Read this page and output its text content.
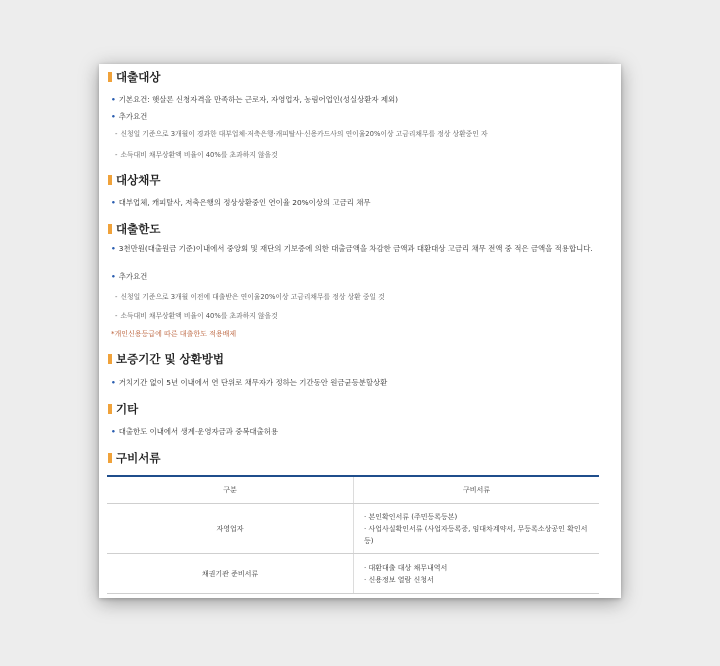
대출대상
• 기본요건: 햇살론 신청자격을 만족하는 근로자, 자영업자, 농림어업인(성실상환자 제외)
• 추가요건
- 신청일 기준으로 3개월이 경과한 대부업체·저축은행·캐피탈사·신용카드사의 연이율20%이상 고금리채무를 정상 상환중인 자
- 소득대비 채무상환액 비율이 40%를 초과하지 않을것
대상채무
• 대부업체, 캐피탈사, 저축은행의 정상상환중인 연이율 20%이상의 고금리 채무
대출한도
• 3천만원(대출원금 기준)이내에서 중앙회 및 재단의 기보증에 의한 대출금액을 차감한 금액과 대환대상 고금리 채무 전액 중 적은 금액을 적용합니다.
• 추가요건
- 신청일 기준으로 3개월 이전에 대출받은 연이율20%이상 고금리채무를 정상 상환 중일 것
- 소득대비 채무상환액 비율이 40%를 초과하지 않을것
*개인신용등급에 따른 대출한도 적용배제
보증기간 및 상환방법
• 거치기간 없이 5년 이내에서 연 단위로 채무자가 정하는 기간동안 원금균등분할상환
기타
• 대출한도 이내에서 생계·운영자금과 중복대출허용
구비서류
구분	구비서류
자영업자	· 본인확인서류 (주민등록등본)
· 사업사실확인서류 (사업자등록증, 임대차계약서, 무등록소상공인 확인서 등)

채권기관 준비서류	· 대환대출 대상 채무내역서
· 신용정보 열람 신청서
